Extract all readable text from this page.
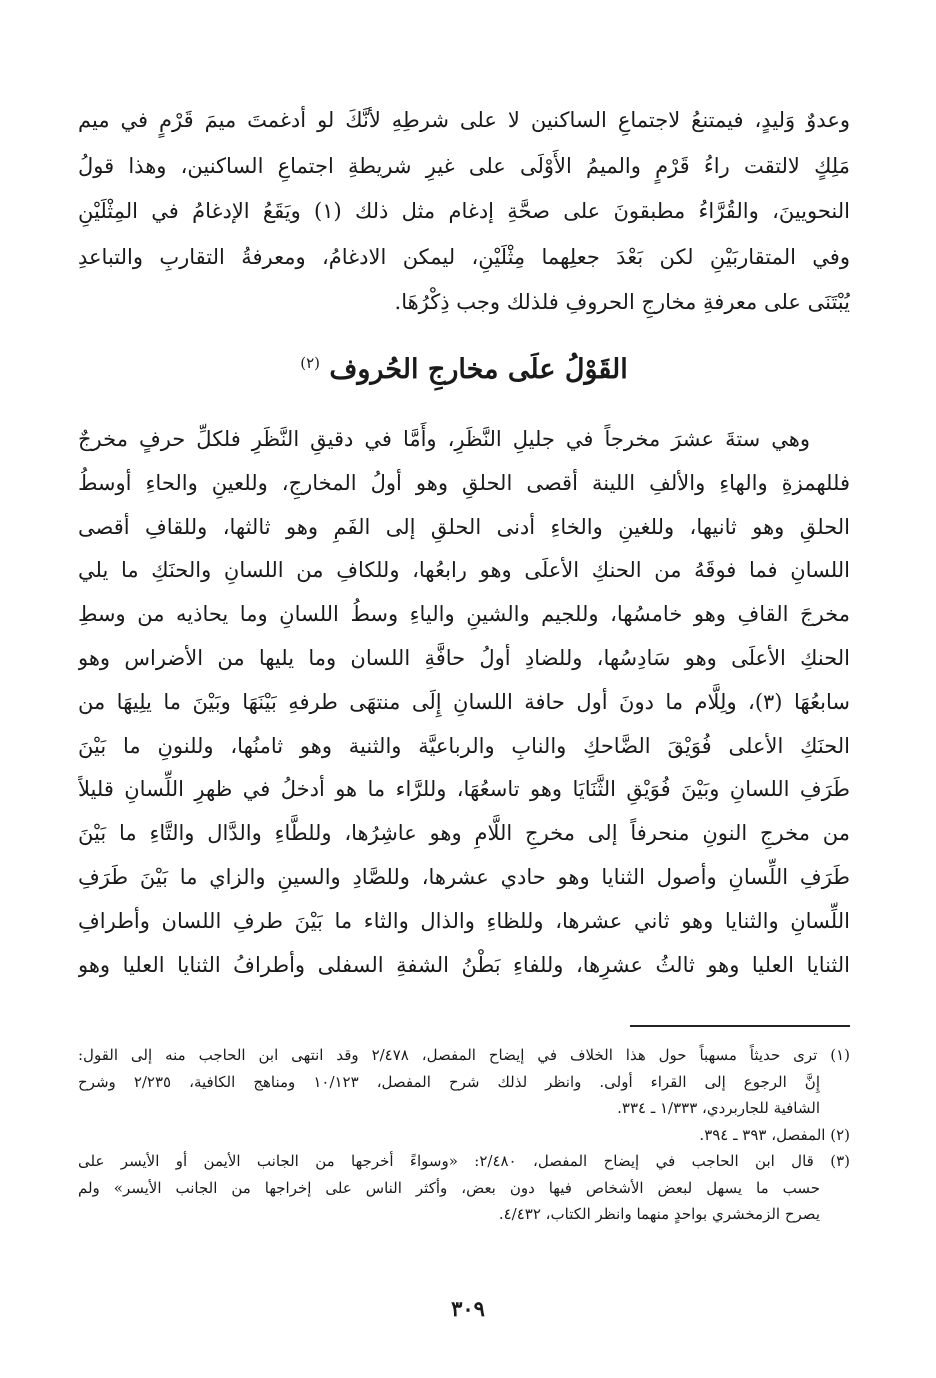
وعدوٌ وَليدٍ، فيمتنعُ لاجتماعِ الساكنين لا على شرطِهِ لأنَّكَ لو أدغمتَ ميمَ قَرْمٍ في ميم
مَلِكٍ لالتقت راءُ قَرْمٍ والميمُ الأَوْلَى على غيرِ شريطةِ اجتماعِ الساكنين، وهذا قولُ
النحويينَ، والقُرَّاءُ مطبقونَ على صحَّةِ إدغام مثل ذلك (١) ويَقَعُ الإدغامُ في المِثْلَيْنِ
وفي المتقاربَيْنِ لكن بَعْدَ جعلِهما مِثْلَيْنِ، ليمكن الادغامُ، ومعرفةُ التقاربِ والتباعدِ
يُبْتَنَى على معرفةِ مخارجِ الحروفِ فلذلك وجب ذِكْرُهَا.
القَوْلُ علَى مخارجِ الحُروف $^{(٢)}$
وهي ستةَ عشرَ مخرجاً في جليلِ النَّظَرِ، وأَمَّا في دقيقِ النَّظَرِ فلكلِّ حرفٍ مخرجٌ
فللهمزةِ والهاءِ والألفِ اللينة أقصى الحلقِ وهو أولُ المخارجِ، وللعينِ والحاءِ أوسطُ
الحلقِ وهو ثانيها، وللغينِ والخاءِ أدنى الحلقِ إلى الفَمِ وهو ثالثها، وللقافِ أقصى
اللسانِ فما فوقَهُ من الحنكِ الأعلَى وهو رابعُها، وللكافِ من اللسانِ والحنَكِ ما يلي
مخرجَ القافِ وهو خامسُها، وللجيم والشينِ والياءِ وسطُ اللسانِ وما يحاذيه من وسطِ
الحنكِ الأعلَى وهو سَادِسُها، وللضادِ أولُ حافَّةِ اللسان وما يليها من الأضراس وهو
سابعُهَا (٣)، ولِلَّام ما دونَ أول حافة اللسانِ إِلَى منتهَى طرفهِ بَيْنَهَا وبَيْنَ ما يلِيهَا من
الحنَكِ الأعلى فُوَيْقَ الضَّاحكِ والنابِ والرباعيَّة والثنية وهو ثامنُها، وللنونِ ما بَيْنَ
طَرَفِ اللسانِ وبَيْنَ فُوَيْقِ الثَّنَايَا وهو تاسعُهَا، وللرَّاء ما هو أدخلُ في ظهرِ اللِّسانِ قليلاً
من مخرجِ النونِ منحرفاً إلى مخرجِ اللَّامِ وهو عاشِرُها، وللطَّاءِ والدَّال والتَّاءِ ما بَيْنَ
طَرَفِ اللِّسانِ وأصول الثنايا وهو حادي عشرها، وللصَّادِ والسينِ والزاي ما بَيْنَ طَرَفِ
اللِّسانِ والثنايا وهو ثاني عشرها، وللظاءِ والذال والثاء ما بَيْنَ طرفِ اللسان وأطرافِ
الثنايا العليا وهو ثالثُ عشرِها، وللفاءِ بَطْنُ الشفةِ السفلى وأطرافُ الثنايا العليا وهو
(١) ترى حديثاً مسهباً حول هذا الخلاف في إيضاح المفصل، ٢/٤٧٨ وقد انتهى ابن الحاجب منه إلى القول:
إِنَّ الرجوع إلى القراء أولى. وانظر لذلك شرح المفصل، ١٠/١٢٣ ومناهج الكافية، ٢/٢٣٥ وشرح
الشافية للجاربردي، ١/٣٣٣ ـ ٣٣٤.
(٢) المفصل، ٣٩٣ ـ ٣٩٤.
(٣) قال ابن الحاجب في إيضاح المفصل، ٢/٤٨٠: «وسواءً أخرجها من الجانب الأيمن أو الأيسر على
حسب ما يسهل لبعض الأشخاص فيها دون بعض، وأكثر الناس على إخراجها من الجانب الأيسر» ولم
يصرح الزمخشري بواحدٍ منهما وانظر الكتاب، ٤/٤٣٢.
٣٠٩
